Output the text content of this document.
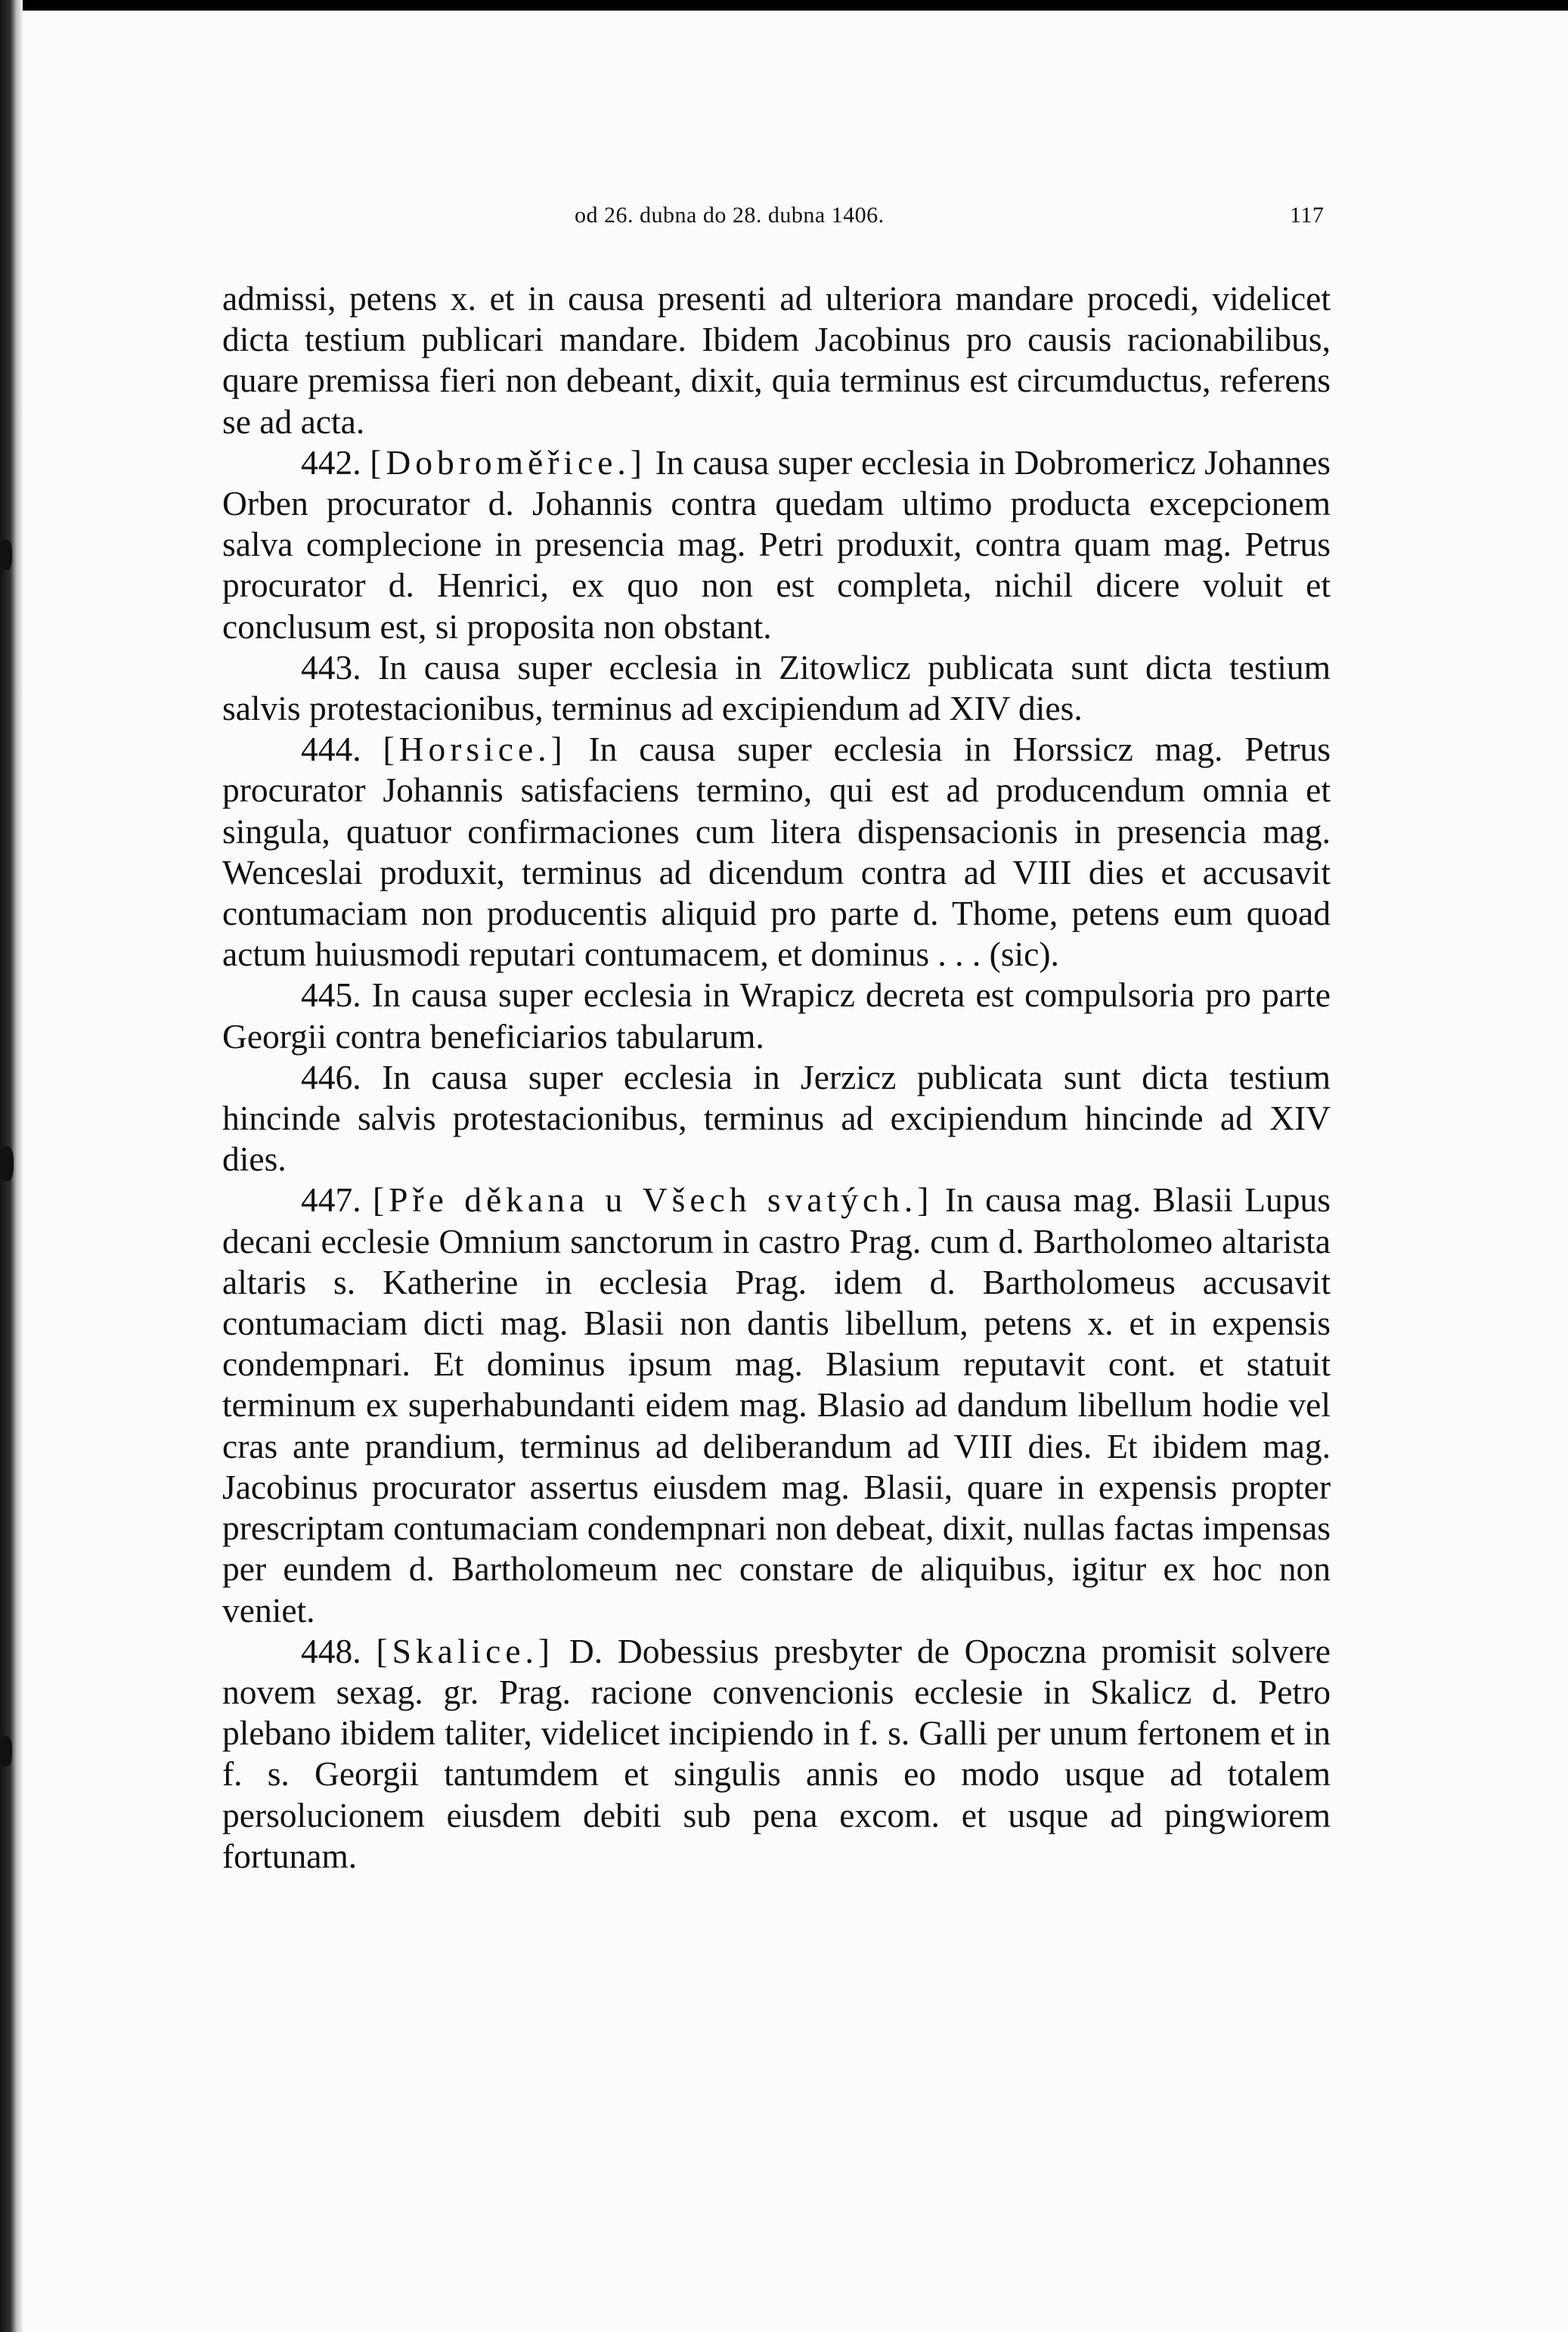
od 26. dubna do 28. dubna 1406.	117

admissi, petens x. et in causa presenti ad ulteriora mandare procedi, videlicet dicta testium publicari mandare. Ibidem Jacobinus pro causis racionabilibus, quare premissa fieri non debeant, dixit, quia terminus est circumductus, referens se ad acta.

442. [Dobroměřice.] In causa super ecclesia in Dobromericz Johannes Orben procurator d. Johannis contra quedam ultimo producta excepcionem salva complecione in presencia mag. Petri produxit, contra quam mag. Petrus procurator d. Henrici, ex quo non est completa, nichil dicere voluit et conclusum est, si proposita non obstant.

443. In causa super ecclesia in Zitowlicz publicata sunt dicta testium salvis protestacionibus, terminus ad excipiendum ad XIV dies.

444. [Horsice.] In causa super ecclesia in Horssicz mag. Petrus procurator Johannis satisfaciens termino, qui est ad producendum omnia et singula, quatuor confirmaciones cum litera dispensacionis in presencia mag. Wenceslai produxit, terminus ad dicendum contra ad VIII dies et accusavit contumaciam non producentis aliquid pro parte d. Thome, petens eum quoad actum huiusmodi reputari contumacem, et dominus . . . (sic).

445. In causa super ecclesia in Wrapicz decreta est compulsoria pro parte Georgii contra beneficiarios tabularum.

446. In causa super ecclesia in Jerzicz publicata sunt dicta testium hincinde salvis protestacionibus, terminus ad excipiendum hincinde ad XIV dies.

447. [Pře děkana u Všech svatých.] In causa mag. Blasii Lupus decani ecclesie Omnium sanctorum in castro Prag. cum d. Bartholomeo altarista altaris s. Katherine in ecclesia Prag. idem d. Bartholomeus accusavit contumaciam dicti mag. Blasii non dantis libellum, petens x. et in expensis condempnari. Et dominus ipsum mag. Blasium reputavit cont. et statuit terminum ex superhabundanti eidem mag. Blasio ad dandum libellum hodie vel cras ante prandium, terminus ad deliberandum ad VIII dies. Et ibidem mag. Jacobinus procurator assertus eiusdem mag. Blasii, quare in expensis propter prescriptam contumaciam condempnari non debeat, dixit, nullas factas impensas per eundem d. Bartholomeum nec constare de aliquibus, igitur ex hoc non veniet.

448. [Skalice.] D. Dobessius presbyter de Opoczna promisit solvere novem sexag. gr. Prag. racione convencionis ecclesie in Skalicz d. Petro plebano ibidem taliter, videlicet incipiendo in f. s. Galli per unum fertonem et in f. s. Georgii tantumdem et singulis annis eo modo usque ad totalem persolucionem eiusdem debiti sub pena excom. et usque ad pingwiorem fortunam.
